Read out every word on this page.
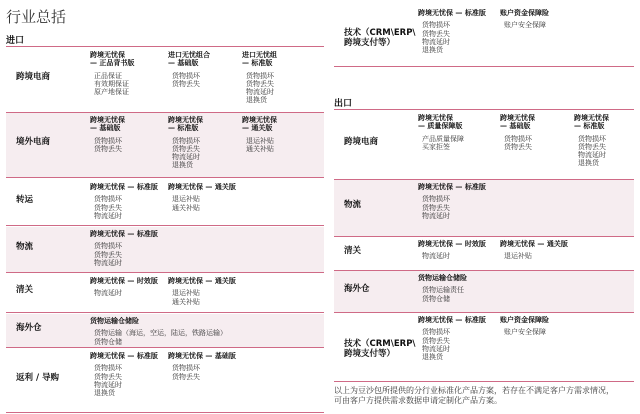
行业总括
进口
出口
以上为豆沙包所提供的分行业标准化产品方案，若存在不满足客户方需求情况，
可由客户方提供需求数据申请定制化产品方案。
跨境电商
跨境无忧保
— 正品背书版
正品保证
有效期保证
原产地保证
进口无忧组合
— 基础版
货物损坏
货物丢失
进口无忧组
— 标准版
货物损坏
货物丢失
物流延时
退换货
境外电商
跨境无忧保
— 基础版
货物损坏
货物丢失
跨境无忧保
— 标准版
货物损坏
货物丢失
物流延时
退换货
跨境无忧保
— 通关版
退运补贴
通关补贴
转运
跨境无忧保 — 标准版
货物损坏
货物丢失
物流延时
跨境无忧保 — 通关版
退运补贴
通关补贴
物流
跨境无忧保 — 标准版
货物损坏
货物丢失
物流延时
清关
跨境无忧保 — 时效版
物流延时
跨境无忧保 — 通关版
退运补贴
通关补贴
海外仓
货物运输仓储险
货物运输（海运，空运，陆运，铁路运输）
货物仓储
返利 / 导购
跨境无忧保 — 标准版
货物损坏
货物丢失
物流延时
退换货
跨境无忧保 — 基础版
货物损坏
货物丢失
技术（CRM\ERP\
跨境支付等）
跨境无忧保 — 标准版
货物损坏
货物丢失
物流延时
退换货
账户资金保障险
账户安全保障
跨境电商
跨境无忧保
— 质量保障版
产品质量保障
买家拒签
跨境无忧保
— 基础版
货物损坏
货物丢失
跨境无忧保
— 标准版
货物损坏
货物丢失
物流延时
退换货
物流
跨境无忧保 — 标准版
货物损坏
货物丢失
物流延时
清关
跨境无忧保 — 时效版
物流延时
跨境无忧保 — 通关版
退运补贴
海外仓
货物运输仓储险
货物运输责任
货物仓储
技术（CRM\ERP\
跨境支付等）
跨境无忧保 — 标准版
货物损坏
货物丢失
物流延时
退换货
账户资金保障险
账户安全保障
